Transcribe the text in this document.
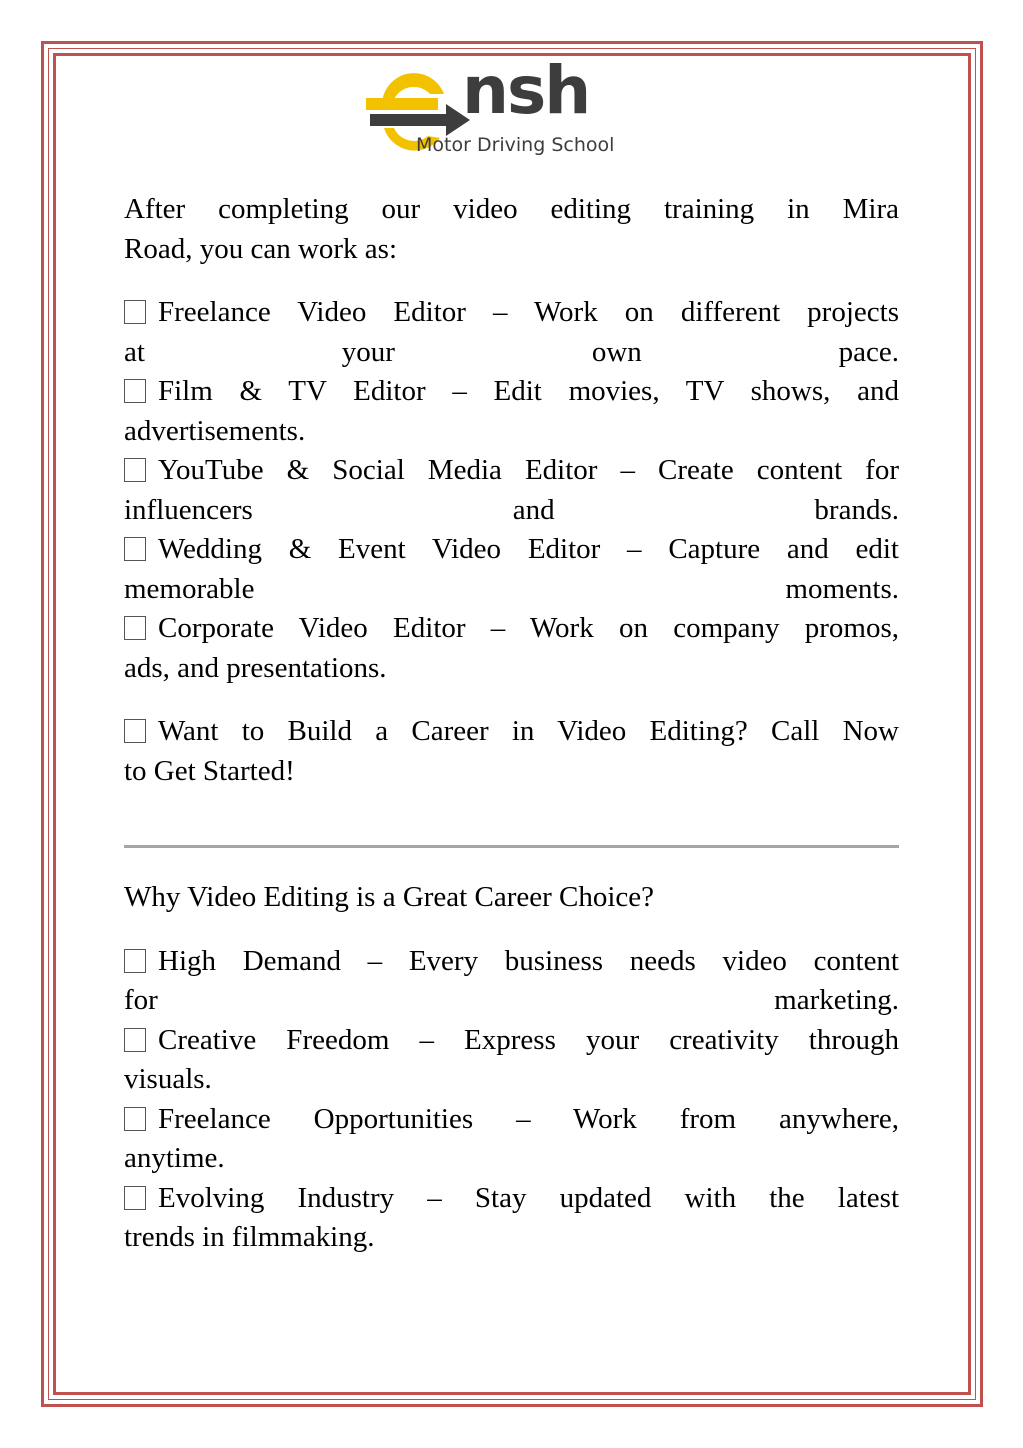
nsh
Motor Driving School

After completing our video editing training in Mira
Road, you can work as:

Freelance Video Editor – Work on different projects
at your own pace.

Film & TV Editor – Edit movies, TV shows, and
advertisements.

YouTube & Social Media Editor – Create content for
influencers and brands.

Wedding & Event Video Editor – Capture and edit
memorable moments.

Corporate Video Editor – Work on company promos,
ads, and presentations.

Want to Build a Career in Video Editing? Call Now
to Get Started!

Why Video Editing is a Great Career Choice?

High Demand – Every business needs video content
for marketing.

Creative Freedom – Express your creativity through
visuals.

Freelance Opportunities – Work from anywhere,
anytime.

Evolving Industry – Stay updated with the latest
trends in filmmaking.
